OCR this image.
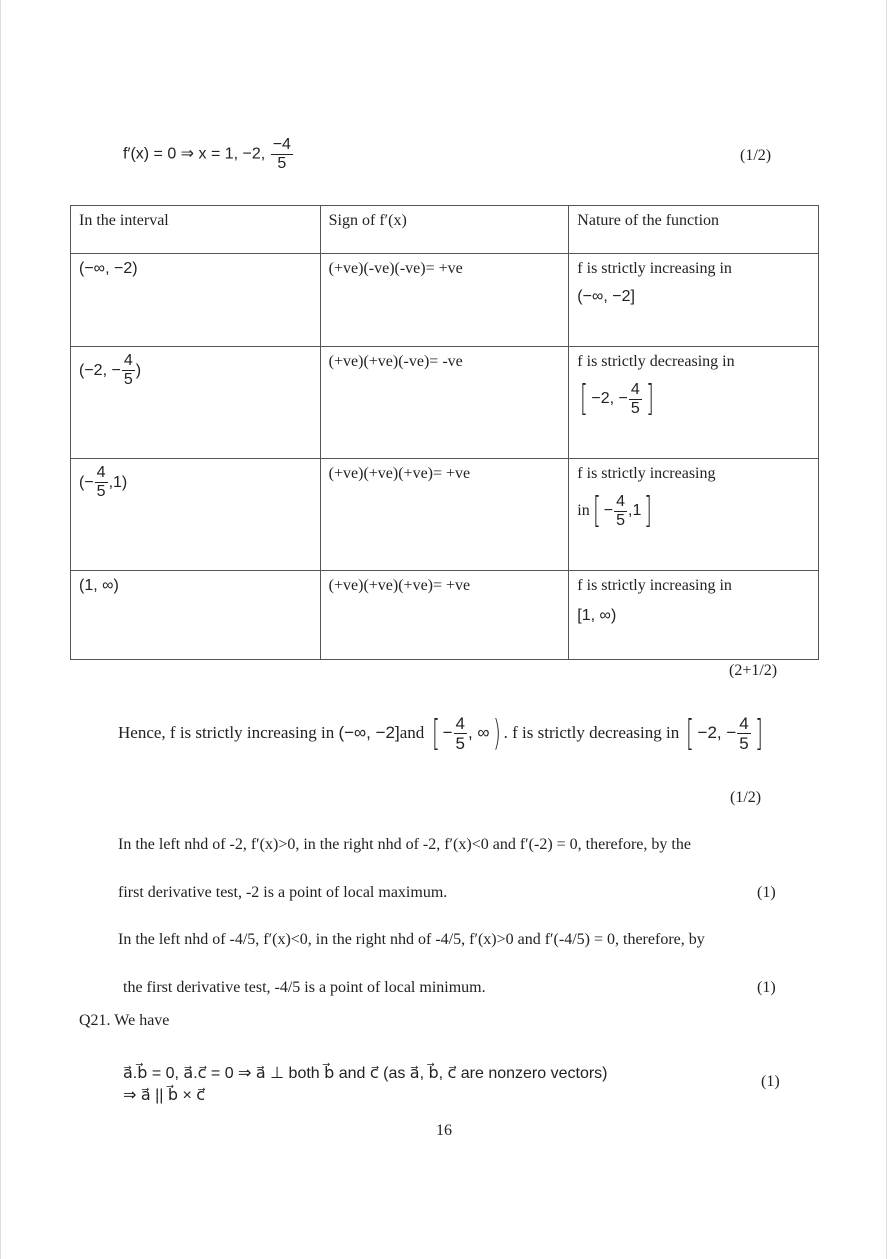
f′(x) = 0 ⇒ x = 1, −2, $\frac{-4}{5}$	(1/2)
In the interval	Sign of f′(x)	Nature of the function
(−∞, −2)	(+ve)(-ve)(-ve)= +ve	f is strictly increasing in
(−∞, −2]

(−2, − $\frac{4}{5}$ )	(+ve)(+ve)(-ve)= -ve	f is strictly decreasing in
[ −2, − $\frac{4}{5}$ ]

(− $\frac{4}{5} ,1$)	(+ve)(+ve)(+ve)= +ve	f is strictly increasing
$in[ - \frac{4}{5} ,1]$

(1, ∞)	(+ve)(+ve)(+ve)= +ve	f is strictly increasing in
[1, ∞)
(2+1/2)
Hence, f is strictly increasing in (−∞, −2]and [ − $\frac{4}{5}$ , ∞) . f is strictly decreasing in [ −2, − $\frac{4}{5}$ ]
(1/2)
In the left nhd of -2, f′(x)>0, in the right nhd of -2, f′(x)<0 and f′(-2) = 0, therefore, by the
first derivative test, -2 is a point of local maximum.	(1)
In the left nhd of -4/5, f′(x)<0, in the right nhd of -4/5, f′(x)>0 and f′(-4/5) = 0, therefore, by
the first derivative test, -4/5 is a point of local minimum.	(1)
Q21. We have
a⃗.b⃗ = 0, a⃗.c⃗ = 0 ⇒ a⃗ ⊥ both b⃗ and c⃗ (as a⃗, b⃗, c⃗ are nonzero vectors)
⇒ a⃗ || b⃗ × c⃗
(1)
16
